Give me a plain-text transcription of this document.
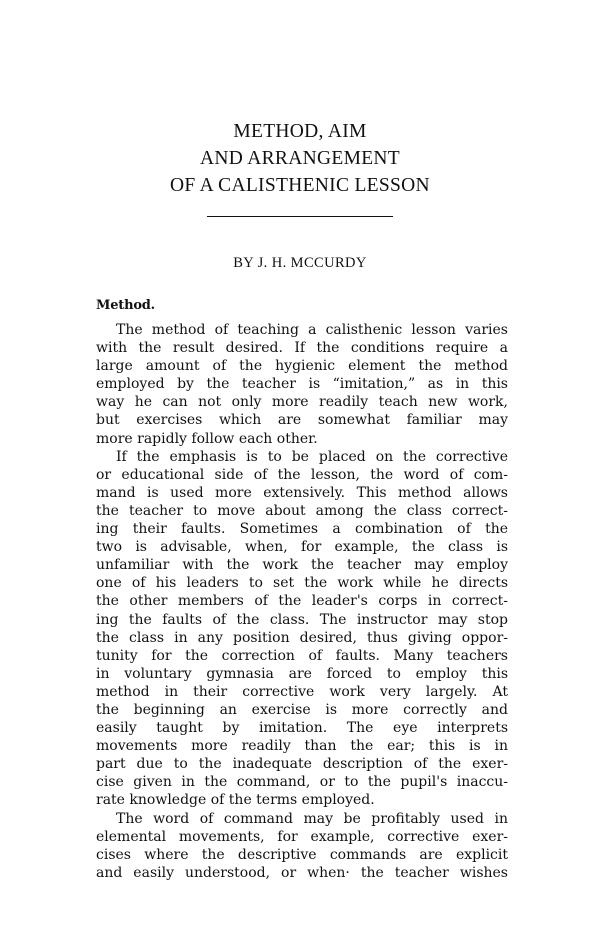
METHOD, AIM
AND ARRANGEMENT
OF A CALISTHENIC LESSON
BY J. H. MCCURDY
Method.
The method of teaching a calisthenic lesson varies
with the result desired. If the conditions require a
large amount of the hygienic element the method
employed by the teacher is “imitation,” as in this
way he can not only more readily teach new work,
but exercises which are somewhat familiar may
more rapidly follow each other.
If the emphasis is to be placed on the corrective
or educational side of the lesson, the word of com-
mand is used more extensively. This method allows
the teacher to move about among the class correct-
ing their faults. Sometimes a combination of the
two is advisable, when, for example, the class is
unfamiliar with the work the teacher may employ
one of his leaders to set the work while he directs
the other members of the leader's corps in correct-
ing the faults of the class. The instructor may stop
the class in any position desired, thus giving oppor-
tunity for the correction of faults. Many teachers
in voluntary gymnasia are forced to employ this
method in their corrective work very largely. At
the beginning an exercise is more correctly and
easily taught by imitation. The eye interprets
movements more readily than the ear; this is in
part due to the inadequate description of the exer-
cise given in the command, or to the pupil's inaccu-
rate knowledge of the terms employed.
The word of command may be profitably used in
elemental movements, for example, corrective exer-
cises where the descriptive commands are explicit
and easily understood, or when· the teacher wishes
